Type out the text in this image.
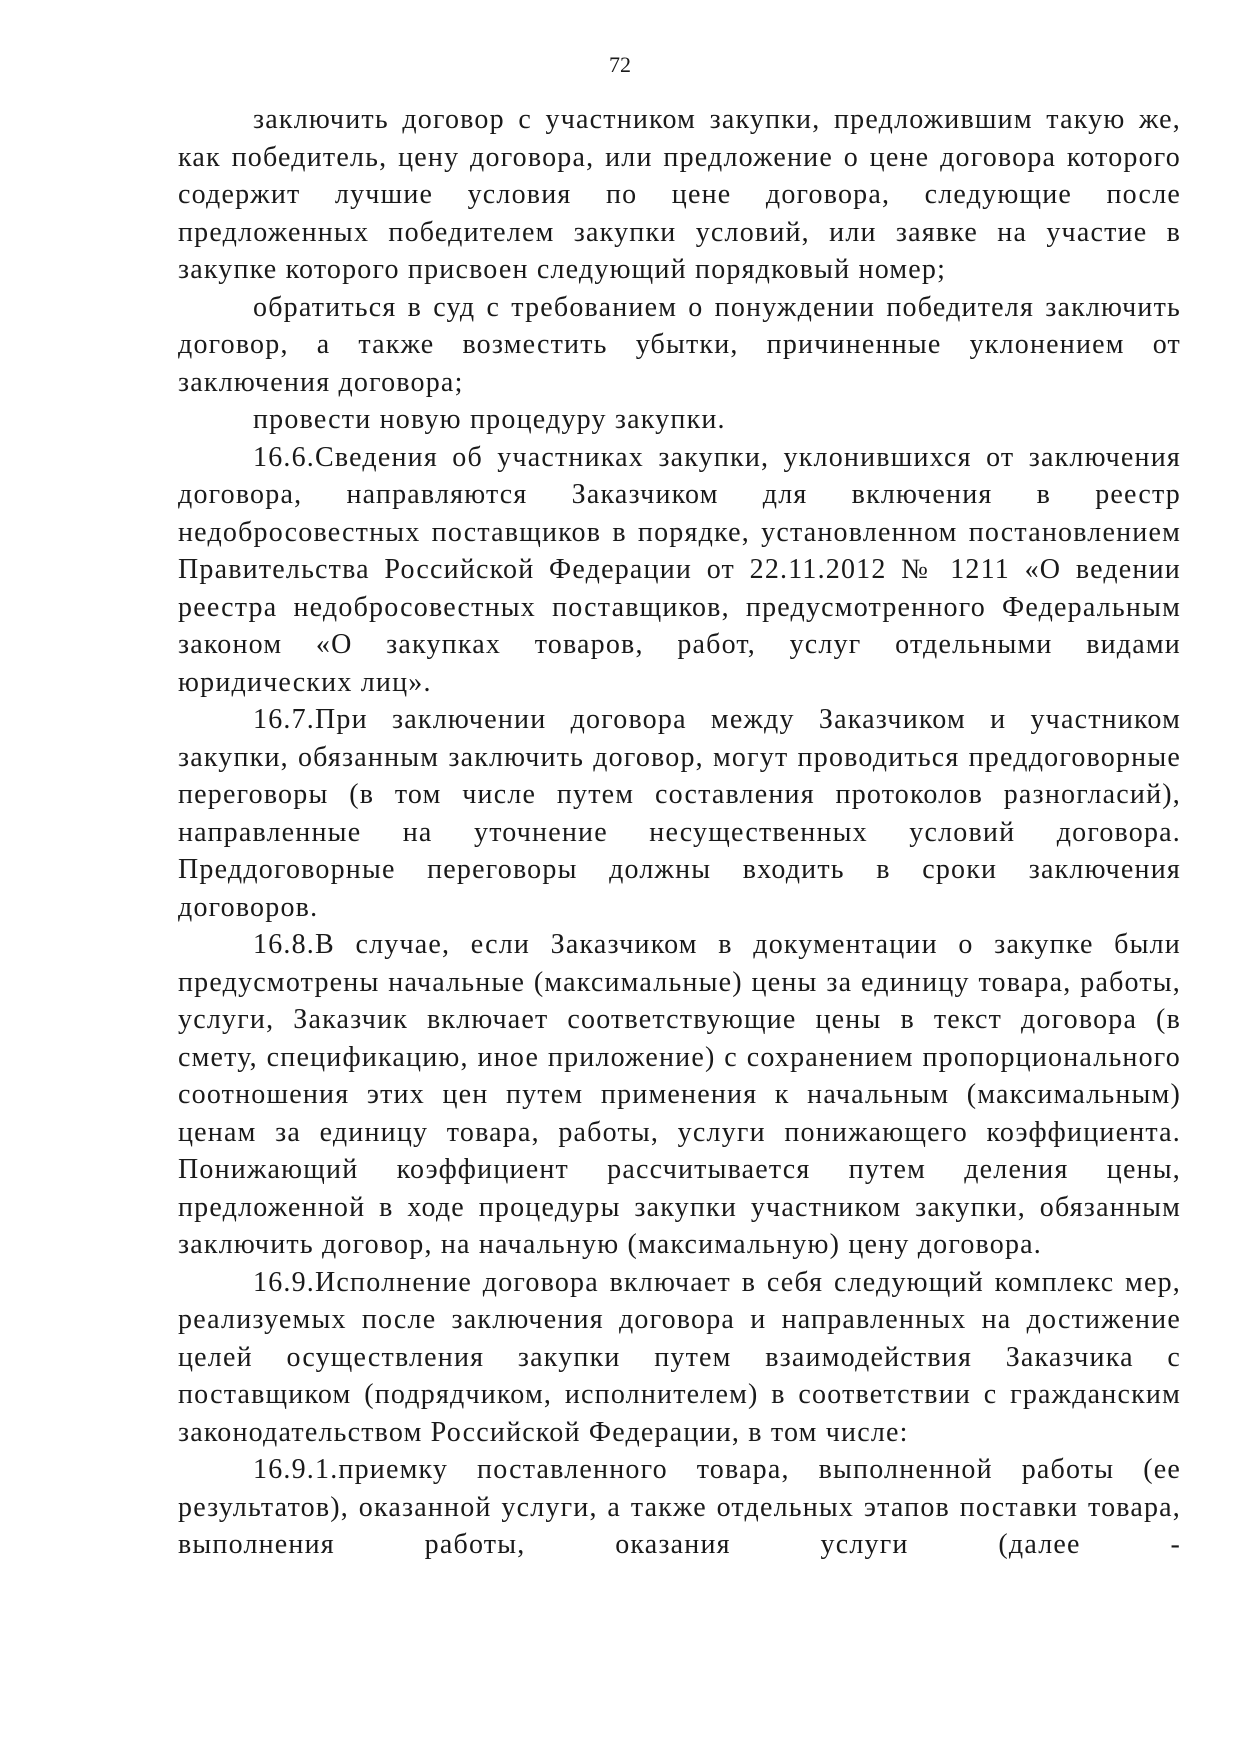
72

заключить договор с участником закупки, предложившим такую же, как победитель, цену договора, или предложение о цене договора которого содержит лучшие условия по цене договора, следующие после предложенных победителем закупки условий, или заявке на участие в закупке которого присвоен следующий порядковый номер;

обратиться в суд с требованием о понуждении победителя заключить договор, а также возместить убытки, причиненные уклонением от заключения договора;

провести новую процедуру закупки.

16.6.Сведения об участниках закупки, уклонившихся от заключения договора, направляются Заказчиком для включения в реестр недобросовестных поставщиков в порядке, установленном постановлением Правительства Российской Федерации от 22.11.2012 № 1211 «О ведении реестра недобросовестных поставщиков, предусмотренного Федеральным законом «О закупках товаров, работ, услуг отдельными видами юридических лиц».

16.7.При заключении договора между Заказчиком и участником закупки, обязанным заключить договор, могут проводиться преддоговорные переговоры (в том числе путем составления протоколов разногласий), направленные на уточнение несущественных условий договора. Преддоговорные переговоры должны входить в сроки заключения договоров.

16.8.В случае, если Заказчиком в документации о закупке были предусмотрены начальные (максимальные) цены за единицу товара, работы, услуги, Заказчик включает соответствующие цены в текст договора (в смету, спецификацию, иное приложение) с сохранением пропорционального соотношения этих цен путем применения к начальным (максимальным) ценам за единицу товара, работы, услуги понижающего коэффициента. Понижающий коэффициент рассчитывается путем деления цены, предложенной в ходе процедуры закупки участником закупки, обязанным заключить договор, на начальную (максимальную) цену договора.

16.9.Исполнение договора включает в себя следующий комплекс мер, реализуемых после заключения договора и направленных на достижение целей осуществления закупки путем взаимодействия Заказчика с поставщиком (подрядчиком, исполнителем) в соответствии с гражданским законодательством Российской Федерации, в том числе:

16.9.1.приемку поставленного товара, выполненной работы (ее результатов), оказанной услуги, а также отдельных этапов поставки товара, выполнения работы, оказания услуги (далее -
